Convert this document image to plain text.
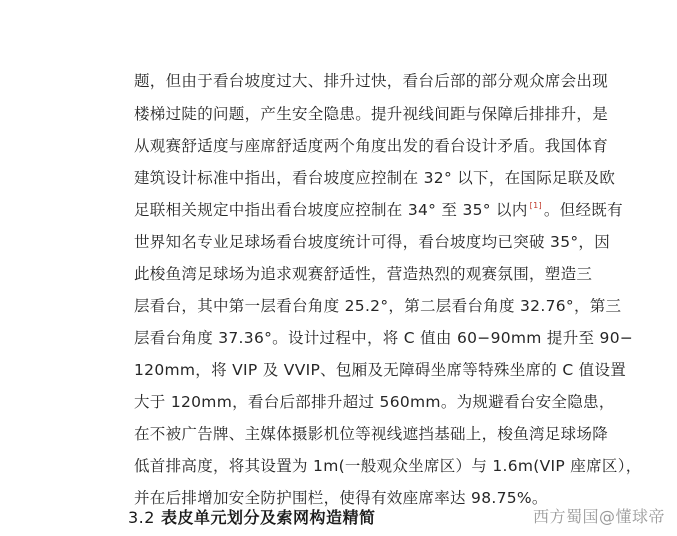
题，但由于看台坡度过大、排升过快，看台后部的部分观众席会出现
楼梯过陡的问题，产生安全隐患。提升视线间距与保障后排排升，是
从观赛舒适度与座席舒适度两个角度出发的看台设计矛盾。我国体育
建筑设计标准中指出，看台坡度应控制在 32° 以下，在国际足联及欧
足联相关规定中指出看台坡度应控制在 34° 至 35° 以内 [1] 。但经既有
世界知名专业足球场看台坡度统计可得，看台坡度均已突破 35°，因
此梭鱼湾足球场为追求观赛舒适性，营造热烈的观赛氛围，塑造三
层看台，其中第一层看台角度 25.2°，第二层看台角度 32.76°，第三
层看台角度 37.36°。设计过程中，将 C 值由 60−90mm 提升至 90−
120mm，将 VIP 及 VVIP、包厢及无障碍坐席等特殊坐席的 C 值设置
大于 120mm，看台后部排升超过 560mm。为规避看台安全隐患，
在不被广告牌、主媒体摄影机位等视线遮挡基础上，梭鱼湾足球场降
低首排高度，将其设置为 1m(一般观众坐席区）与 1.6m(VIP 座席区），
并在后排增加安全防护围栏，使得有效座席率达 98.75%。
3.2 表皮单元划分及索网构造精简	西方蜀国@懂球帝
